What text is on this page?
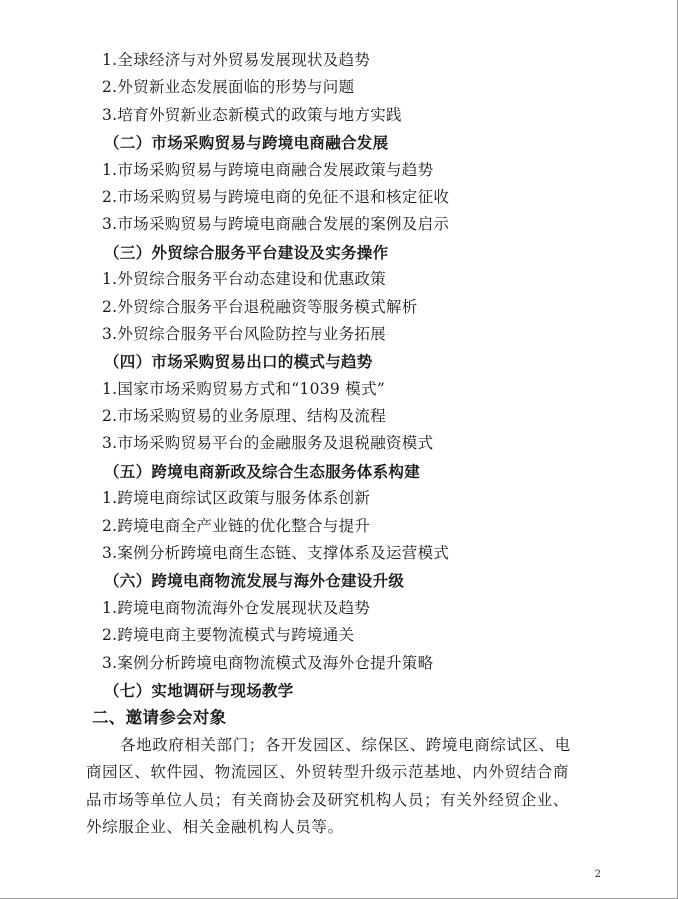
1.全球经济与对外贸易发展现状及趋势
2.外贸新业态发展面临的形势与问题
3.培育外贸新业态新模式的政策与地方实践
（二）市场采购贸易与跨境电商融合发展
1.市场采购贸易与跨境电商融合发展政策与趋势
2.市场采购贸易与跨境电商的免征不退和核定征收
3.市场采购贸易与跨境电商融合发展的案例及启示
（三）外贸综合服务平台建设及实务操作
1.外贸综合服务平台动态建设和优惠政策
2.外贸综合服务平台退税融资等服务模式解析
3.外贸综合服务平台风险防控与业务拓展
（四）市场采购贸易出口的模式与趋势
1.国家市场采购贸易方式和“1039 模式”
2.市场采购贸易的业务原理、结构及流程
3.市场采购贸易平台的金融服务及退税融资模式
（五）跨境电商新政及综合生态服务体系构建
1.跨境电商综试区政策与服务体系创新
2.跨境电商全产业链的优化整合与提升
3.案例分析跨境电商生态链、支撑体系及运营模式
（六）跨境电商物流发展与海外仓建设升级
1.跨境电商物流海外仓发展现状及趋势
2.跨境电商主要物流模式与跨境通关
3.案例分析跨境电商物流模式及海外仓提升策略
（七）实地调研与现场教学
二、邀请参会对象
各地政府相关部门；各开发园区、综保区、跨境电商综试区、电
商园区、软件园、物流园区、外贸转型升级示范基地、内外贸结合商
品市场等单位人员；有关商协会及研究机构人员；有关外经贸企业、
外综服企业、相关金融机构人员等。
2
